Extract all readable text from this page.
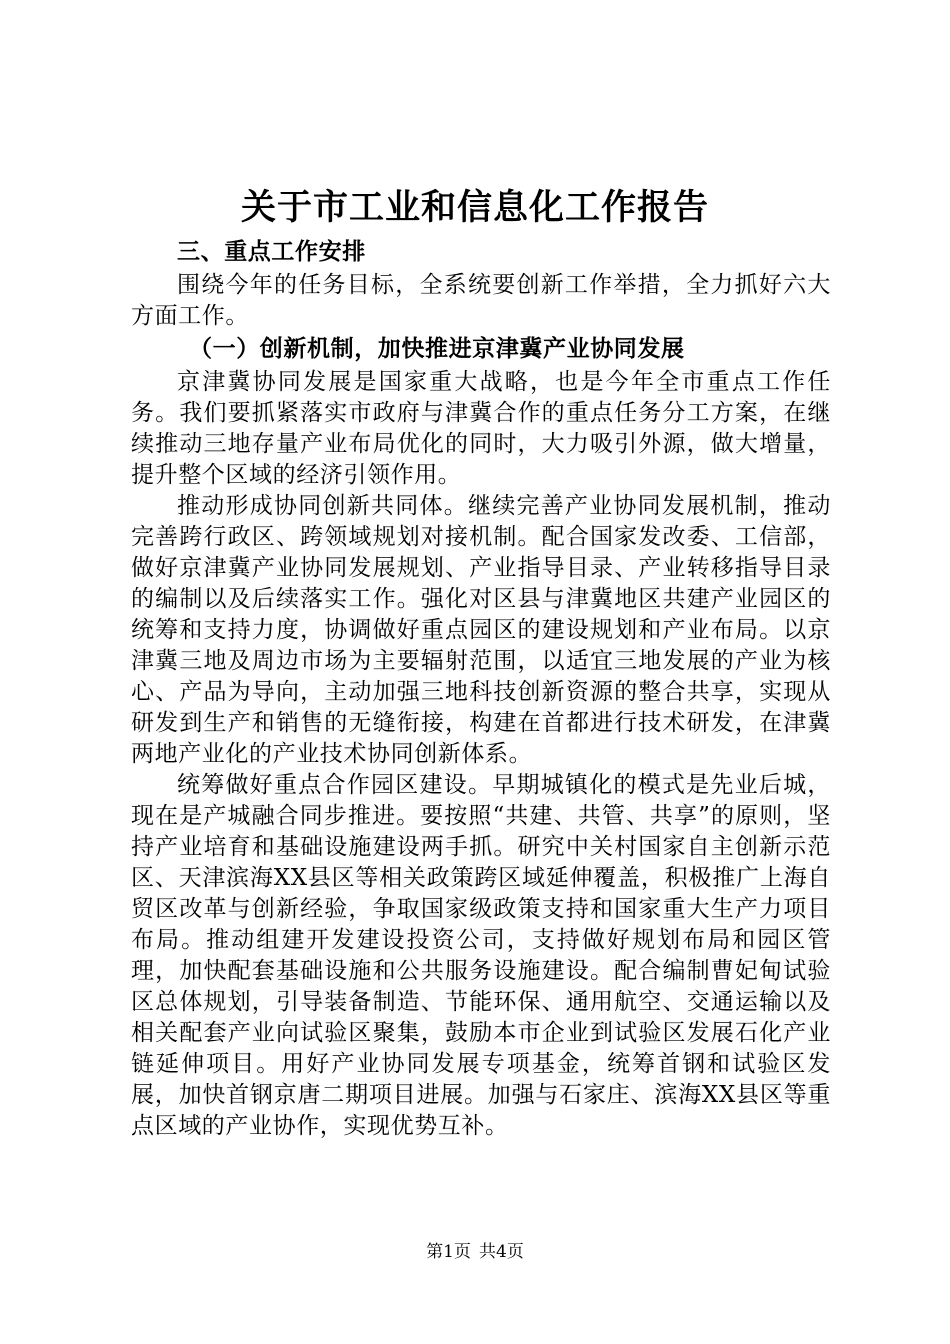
关于市工业和信息化工作报告

三、重点工作安排

围绕今年的任务目标，全系统要创新工作举措，全力抓好六大方面工作。

（一）创新机制，加快推进京津冀产业协同发展

京津冀协同发展是国家重大战略，也是今年全市重点工作任务。我们要抓紧落实市政府与津冀合作的重点任务分工方案，在继续推动三地存量产业布局优化的同时，大力吸引外源，做大增量，提升整个区域的经济引领作用。

推动形成协同创新共同体。继续完善产业协同发展机制，推动完善跨行政区、跨领域规划对接机制。配合国家发改委、工信部，做好京津冀产业协同发展规划、产业指导目录、产业转移指导目录的编制以及后续落实工作。强化对区县与津冀地区共建产业园区的统筹和支持力度，协调做好重点园区的建设规划和产业布局。以京津冀三地及周边市场为主要辐射范围，以适宜三地发展的产业为核心、产品为导向，主动加强三地科技创新资源的整合共享，实现从研发到生产和销售的无缝衔接，构建在首都进行技术研发，在津冀两地产业化的产业技术协同创新体系。

统筹做好重点合作园区建设。早期城镇化的模式是先业后城，现在是产城融合同步推进。要按照“共建、共管、共享”的原则，坚持产业培育和基础设施建设两手抓。研究中关村国家自主创新示范区、天津滨海XX县区等相关政策跨区域延伸覆盖，积极推广上海自贸区改革与创新经验，争取国家级政策支持和国家重大生产力项目布局。推动组建开发建设投资公司，支持做好规划布局和园区管理，加快配套基础设施和公共服务设施建设。配合编制曹妃甸试验区总体规划，引导装备制造、节能环保、通用航空、交通运输以及相关配套产业向试验区聚集，鼓励本市企业到试验区发展石化产业链延伸项目。用好产业协同发展专项基金，统筹首钢和试验区发展，加快首钢京唐二期项目进展。加强与石家庄、滨海XX县区等重点区域的产业协作，实现优势互补。

第1页 共4页
